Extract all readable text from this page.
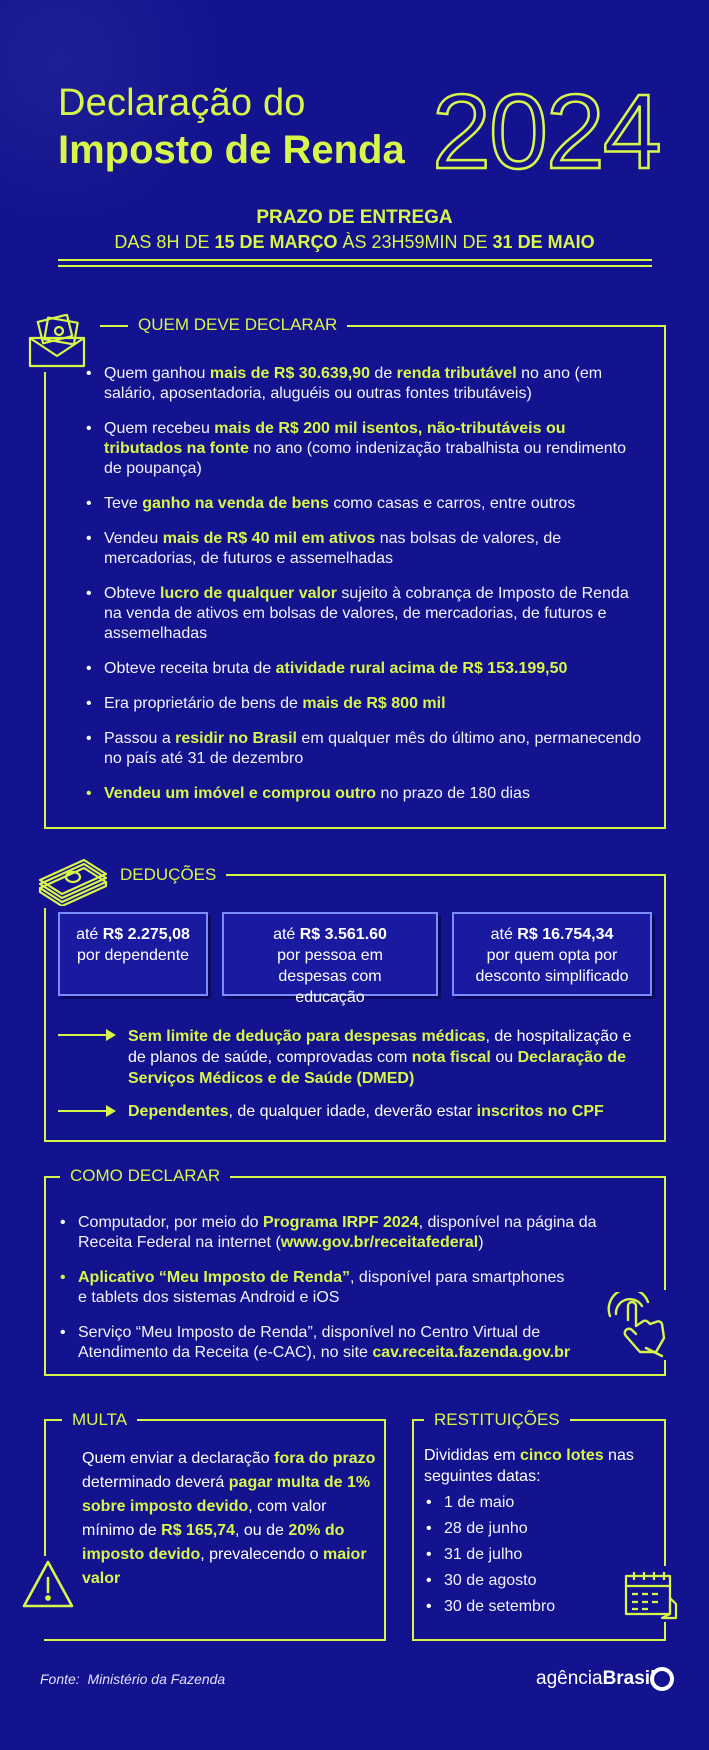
Declaração do
Imposto de Renda 2024
PRAZO DE ENTREGA
DAS 8H DE 15 DE MARÇO ÀS 23H59MIN DE 31 DE MAIO
QUEM DEVE DECLARAR
• Quem ganhou mais de R$ 30.639,90 de renda tributável no ano (em salário, aposentadoria, aluguéis ou outras fontes tributáveis)
• Quem recebeu mais de R$ 200 mil isentos, não-tributáveis ou tributados na fonte no ano (como indenização trabalhista ou rendimento de poupança)
• Teve ganho na venda de bens como casas e carros, entre outros
• Vendeu mais de R$ 40 mil em ativos nas bolsas de valores, de mercadorias, de futuros e assemelhadas
• Obteve lucro de qualquer valor sujeito à cobrança de Imposto de Renda na venda de ativos em bolsas de valores, de mercadorias, de futuros e assemelhadas
• Obteve receita bruta de atividade rural acima de R$ 153.199,50
• Era proprietário de bens de mais de R$ 800 mil
• Passou a residir no Brasil em qualquer mês do último ano, permanecendo no país até 31 de dezembro
• Vendeu um imóvel e comprou outro no prazo de 180 dias
DEDUÇÕES
até R$ 2.275,08
por dependente
até R$ 3.561.60
por pessoa em despesas com educação
até R$ 16.754,34
por quem opta por desconto simplificado
Sem limite de dedução para despesas médicas, de hospitalização e de planos de saúde, comprovadas com nota fiscal ou Declaração de Serviços Médicos e de Saúde (DMED)
Dependentes, de qualquer idade, deverão estar inscritos no CPF
COMO DECLARAR
• Computador, por meio do Programa IRPF 2024, disponível na página da Receita Federal na internet (www.gov.br/receitafederal)
• Aplicativo “Meu Imposto de Renda”, disponível para smartphones e tablets dos sistemas Android e iOS
• Serviço “Meu Imposto de Renda”, disponível no Centro Virtual de Atendimento da Receita (e-CAC), no site cav.receita.fazenda.gov.br
MULTA
Quem enviar a declaração fora do prazo determinado deverá pagar multa de 1% sobre imposto devido, com valor mínimo de R$ 165,74, ou de 20% do imposto devido, prevalecendo o maior valor
RESTITUIÇÕES
Divididas em cinco lotes nas seguintes datas:
• 1 de maio
• 28 de junho
• 31 de julho
• 30 de agosto
• 30 de setembro
Fonte: Ministério da Fazenda	agênciaBrasil
